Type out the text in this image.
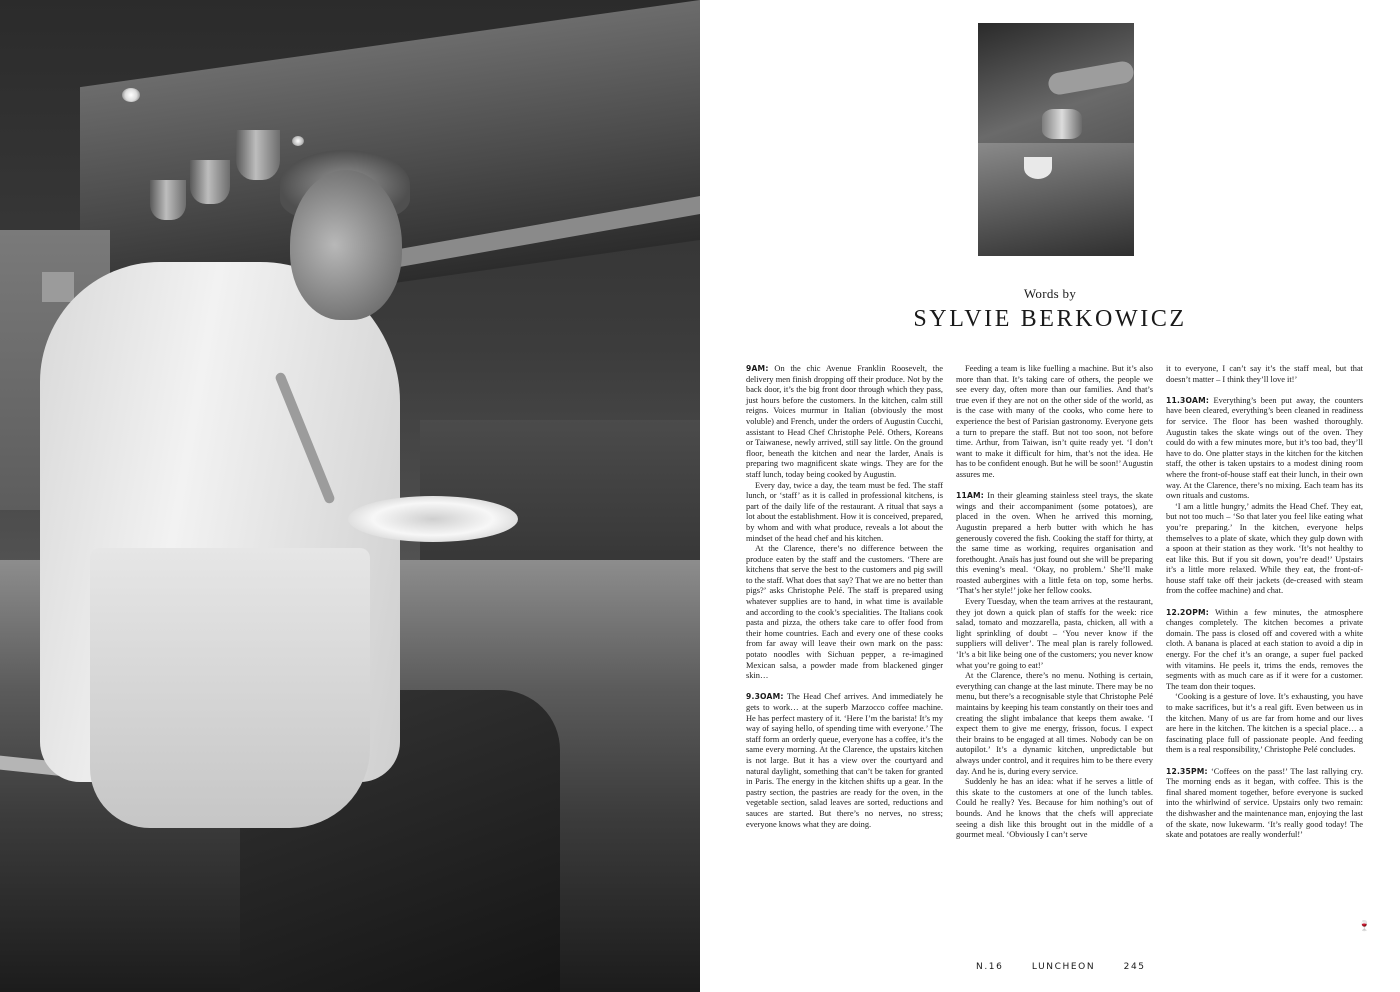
Words by

SYLVIE BERKOWICZ

9AM: On the chic Avenue Franklin Roosevelt, the delivery men finish dropping off their produce. Not by the back door, it’s the big front door through which they pass, just hours before the customers. In the kitchen, calm still reigns. Voices murmur in Italian (obviously the most voluble) and French, under the orders of Augustin Cucchi, assistant to Head Chef Christophe Pelé. Others, Koreans or Taiwanese, newly arrived, still say little. On the ground floor, beneath the kitchen and near the larder, Anaïs is preparing two magnificent skate wings. They are for the staff lunch, today being cooked by Augustin.

Every day, twice a day, the team must be fed. The staff lunch, or ‘staff’ as it is called in professional kitchens, is part of the daily life of the restaurant. A ritual that says a lot about the establishment. How it is conceived, prepared, by whom and with what produce, reveals a lot about the mindset of the head chef and his kitchen.

At the Clarence, there’s no difference between the produce eaten by the staff and the customers. ‘There are kitchens that serve the best to the customers and pig swill to the staff. What does that say? That we are no better than pigs?’ asks Christophe Pelé. The staff is prepared using whatever supplies are to hand, in what time is available and according to the cook’s specialities. The Italians cook pasta and pizza, the others take care to offer food from their home countries. Each and every one of these cooks from far away will leave their own mark on the pass: potato noodles with Sichuan pepper, a re-imagined Mexican salsa, a powder made from blackened ginger skin…

9.3OAM: The Head Chef arrives. And immediately he gets to work… at the superb Marzocco coffee machine. He has perfect mastery of it. ‘Here I’m the barista! It’s my way of saying hello, of spending time with everyone.’ The staff form an orderly queue, everyone has a coffee, it’s the same every morning. At the Clarence, the upstairs kitchen is not large. But it has a view over the courtyard and natural daylight, something that can’t be taken for granted in Paris. The energy in the kitchen shifts up a gear. In the pastry section, the pastries are ready for the oven, in the vegetable section, salad leaves are sorted, reductions and sauces are started. But there’s no nerves, no stress; everyone knows what they are doing.

Feeding a team is like fuelling a machine. But it’s also more than that. It’s taking care of others, the people we see every day, often more than our families. And that’s true even if they are not on the other side of the world, as is the case with many of the cooks, who come here to experience the best of Parisian gastronomy. Everyone gets a turn to prepare the staff. But not too soon, not before time. Arthur, from Taiwan, isn’t quite ready yet. ‘I don’t want to make it difficult for him, that’s not the idea. He has to be confident enough. But he will be soon!’ Augustin assures me.

11AM: In their gleaming stainless steel trays, the skate wings and their accompaniment (some potatoes), are placed in the oven. When he arrived this morning, Augustin prepared a herb butter with which he has generously covered the fish. Cooking the staff for thirty, at the same time as working, requires organisation and forethought. Anaïs has just found out she will be preparing this evening’s meal. ‘Okay, no problem.’ She’ll make roasted aubergines with a little feta on top, some herbs. ‘That’s her style!’ joke her fellow cooks.

Every Tuesday, when the team arrives at the restaurant, they jot down a quick plan of staffs for the week: rice salad, tomato and mozzarella, pasta, chicken, all with a light sprinkling of doubt – ‘You never know if the suppliers will deliver’. The meal plan is rarely followed. ‘It’s a bit like being one of the customers; you never know what you’re going to eat!’

At the Clarence, there’s no menu. Nothing is certain, everything can change at the last minute. There may be no menu, but there’s a recognisable style that Christophe Pelé maintains by keeping his team constantly on their toes and creating the slight imbalance that keeps them awake. ‘I expect them to give me energy, frisson, focus. I expect their brains to be engaged at all times. Nobody can be on autopilot.’ It’s a dynamic kitchen, unpredictable but always under control, and it requires him to be there every day. And he is, during every service.

Suddenly he has an idea: what if he serves a little of this skate to the customers at one of the lunch tables. Could he really? Yes. Because for him nothing’s out of bounds. And he knows that the chefs will appreciate seeing a dish like this brought out in the middle of a gourmet meal. ‘Obviously I can’t serve

it to everyone, I can’t say it’s the staff meal, but that doesn’t matter – I think they’ll love it!’

11.3OAM: Everything’s been put away, the counters have been cleared, everything’s been cleaned in readiness for service. The floor has been washed thoroughly. Augustin takes the skate wings out of the oven. They could do with a few minutes more, but it’s too bad, they’ll have to do. One platter stays in the kitchen for the kitchen staff, the other is taken upstairs to a modest dining room where the front-of-house staff eat their lunch, in their own way. At the Clarence, there’s no mixing. Each team has its own rituals and customs.

‘I am a little hungry,’ admits the Head Chef. They eat, but not too much – ‘So that later you feel like eating what you’re preparing.’ In the kitchen, everyone helps themselves to a plate of skate, which they gulp down with a spoon at their station as they work. ‘It’s not healthy to eat like this. But if you sit down, you’re dead!’ Upstairs it’s a little more relaxed. While they eat, the front-of-house staff take off their jackets (de-creased with steam from the coffee machine) and chat.

12.2OPM: Within a few minutes, the atmosphere changes completely. The kitchen becomes a private domain. The pass is closed off and covered with a white cloth. A banana is placed at each station to avoid a dip in energy. For the chef it’s an orange, a super fuel packed with vitamins. He peels it, trims the ends, removes the segments with as much care as if it were for a customer. The team don their toques.

‘Cooking is a gesture of love. It’s exhausting, you have to make sacrifices, but it’s a real gift. Even between us in the kitchen. Many of us are far from home and our lives are here in the kitchen. The kitchen is a special place… a fascinating place full of passionate people. And feeding them is a real responsibility,’ Christophe Pelé concludes.

12.35PM: ‘Coffees on the pass!’ The last rallying cry. The morning ends as it began, with coffee. This is the final shared moment together, before everyone is sucked into the whirlwind of service. Upstairs only two remain: the dishwasher and the maintenance man, enjoying the last of the skate, now lukewarm. ‘It’s really good today! The skate and potatoes are really wonderful!’

🍷
N.16	LUNCHEON	245
